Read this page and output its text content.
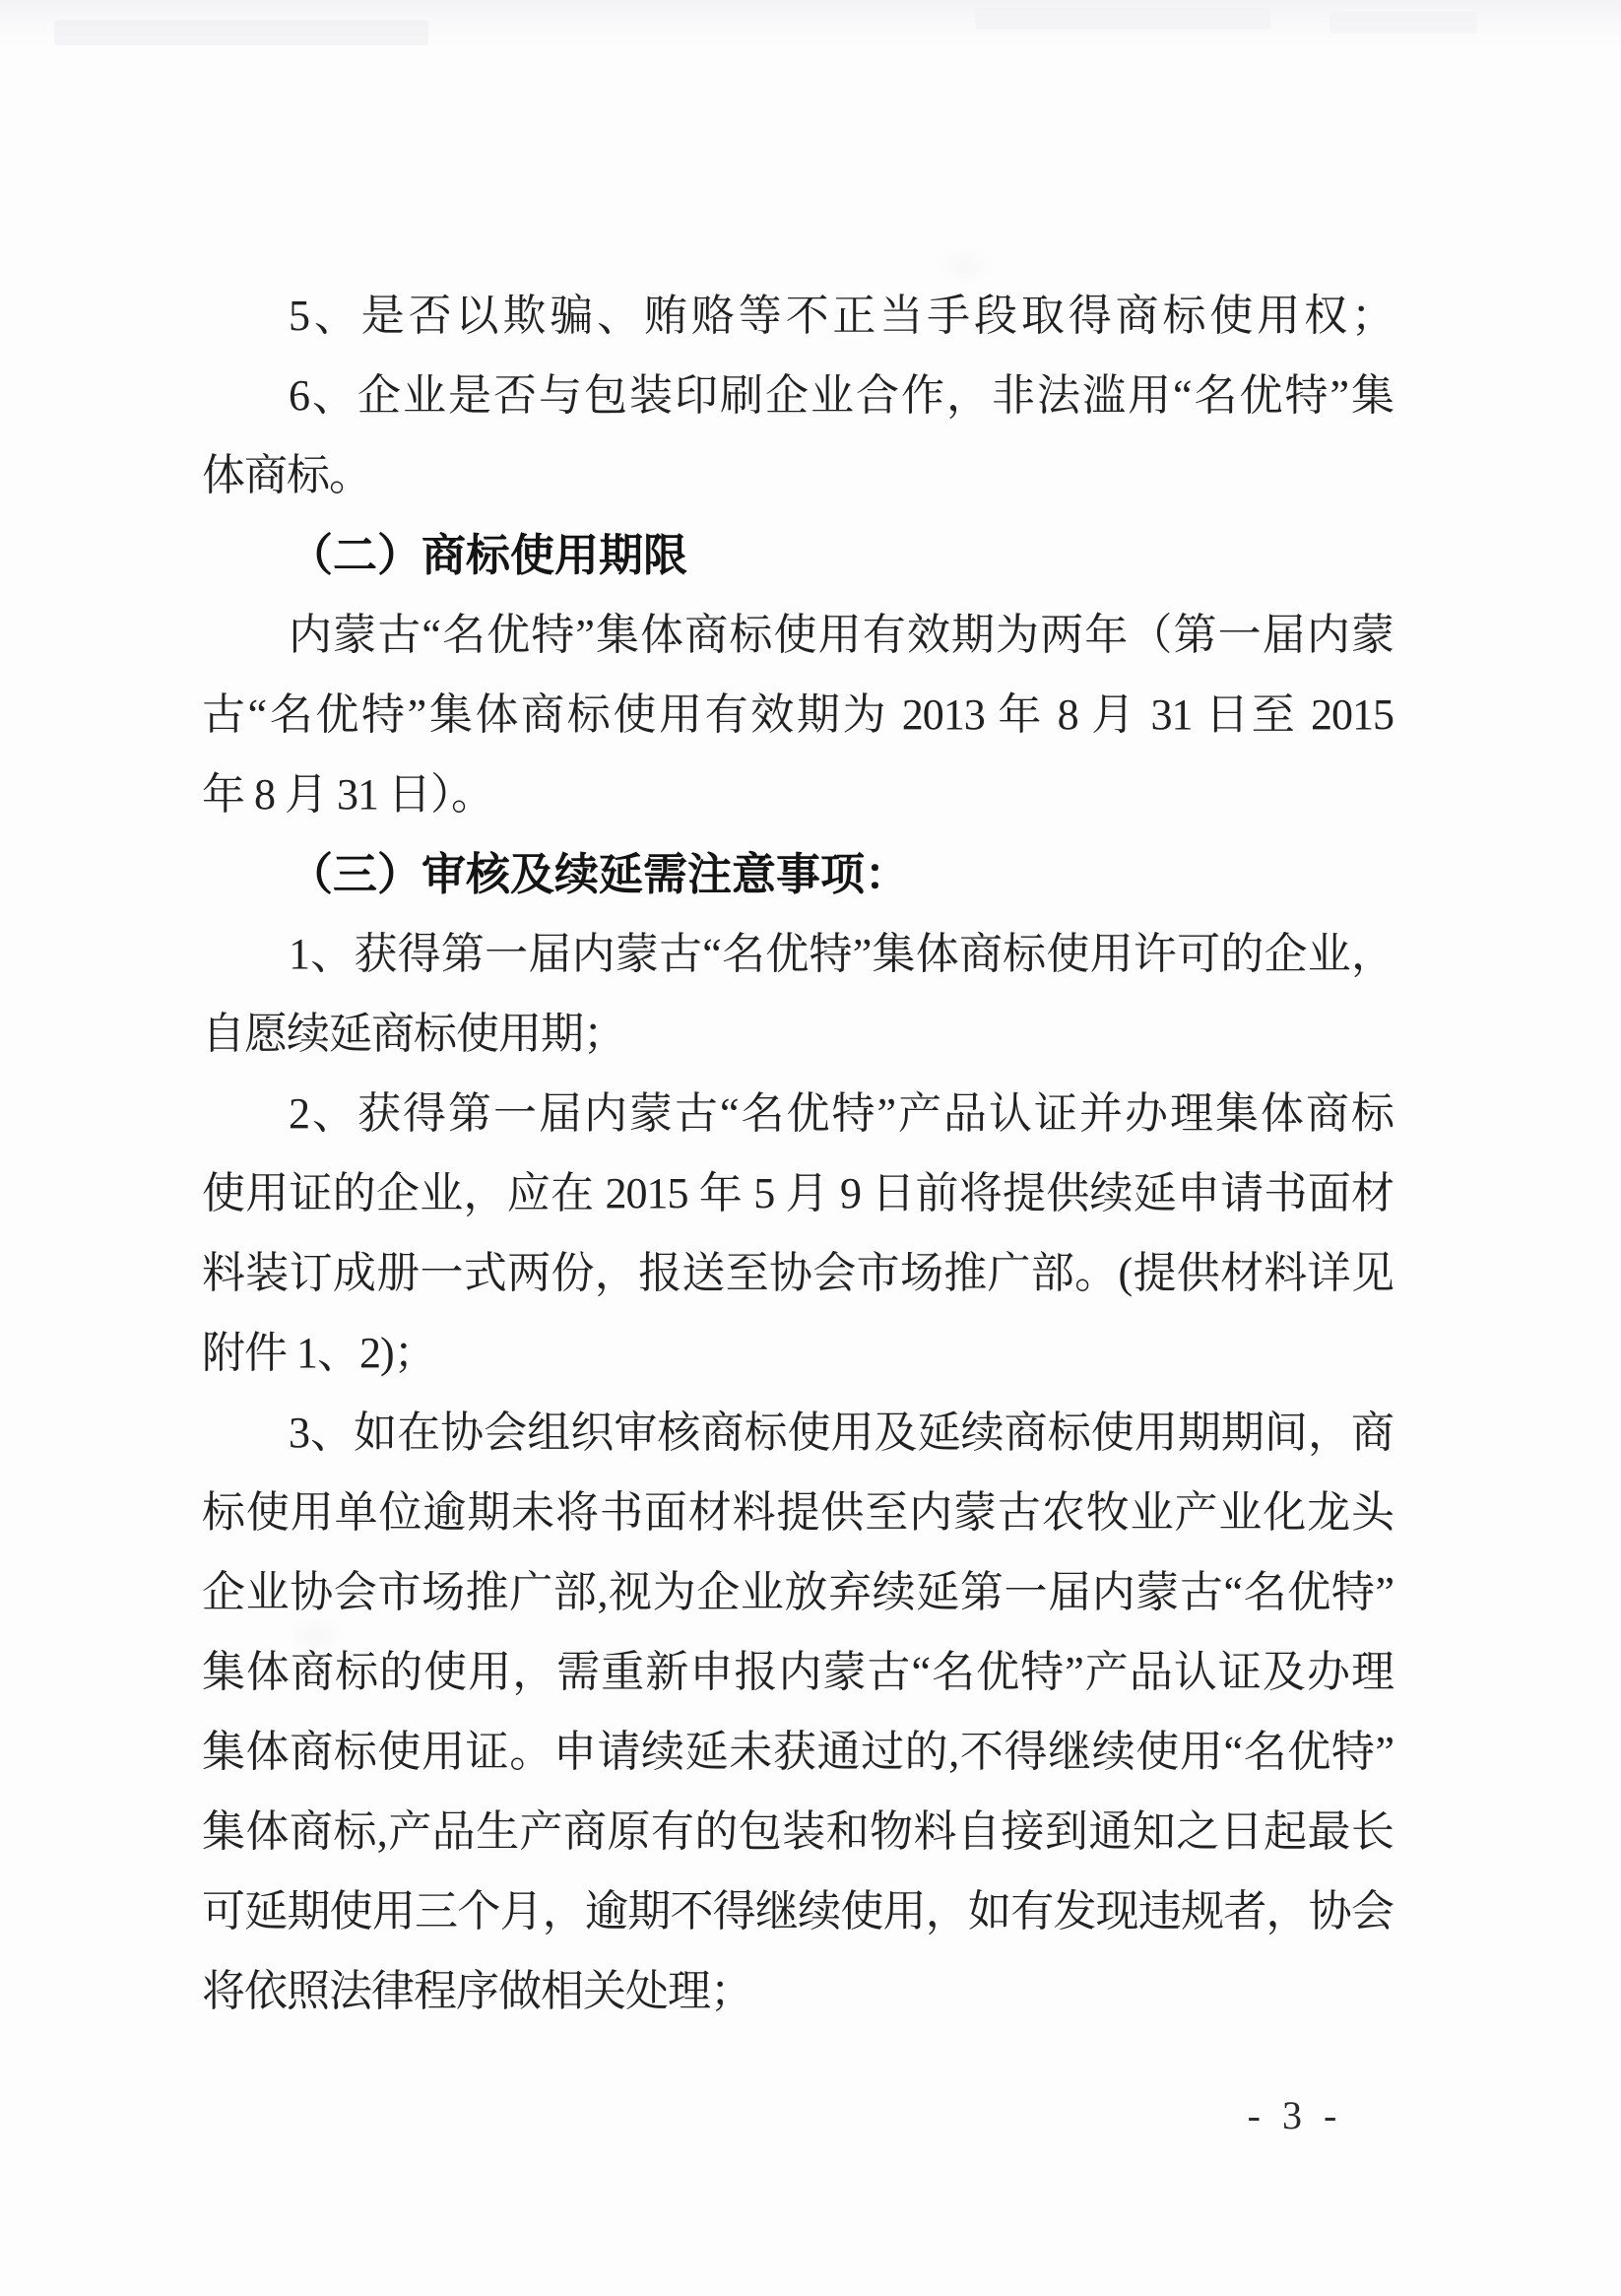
5、是否以欺骗、贿赂等不正当手段取得商标使用权；
6、企业是否与包装印刷企业合作，非法滥用“名优特”集
体商标。
（二）商标使用期限
内蒙古“名优特”集体商标使用有效期为两年（第一届内蒙
古“名优特”集体商标使用有效期为 2013 年 8 月 31 日至 2015
年 8 月 31 日）。
（三）审核及续延需注意事项：
1、获得第一届内蒙古“名优特”集体商标使用许可的企业，
自愿续延商标使用期；
2、获得第一届内蒙古“名优特”产品认证并办理集体商标
使用证的企业，应在 2015 年 5 月 9 日前将提供续延申请书面材
料装订成册一式两份，报送至协会市场推广部。(提供材料详见
附件 1、2)；
3、如在协会组织审核商标使用及延续商标使用期期间，商
标使用单位逾期未将书面材料提供至内蒙古农牧业产业化龙头
企业协会市场推广部,视为企业放弃续延第一届内蒙古“名优特”
集体商标的使用，需重新申报内蒙古“名优特”产品认证及办理
集体商标使用证。申请续延未获通过的,不得继续使用“名优特”
集体商标,产品生产商原有的包装和物料自接到通知之日起最长
可延期使用三个月，逾期不得继续使用，如有发现违规者，协会
将依照法律程序做相关处理；
- 3 -
